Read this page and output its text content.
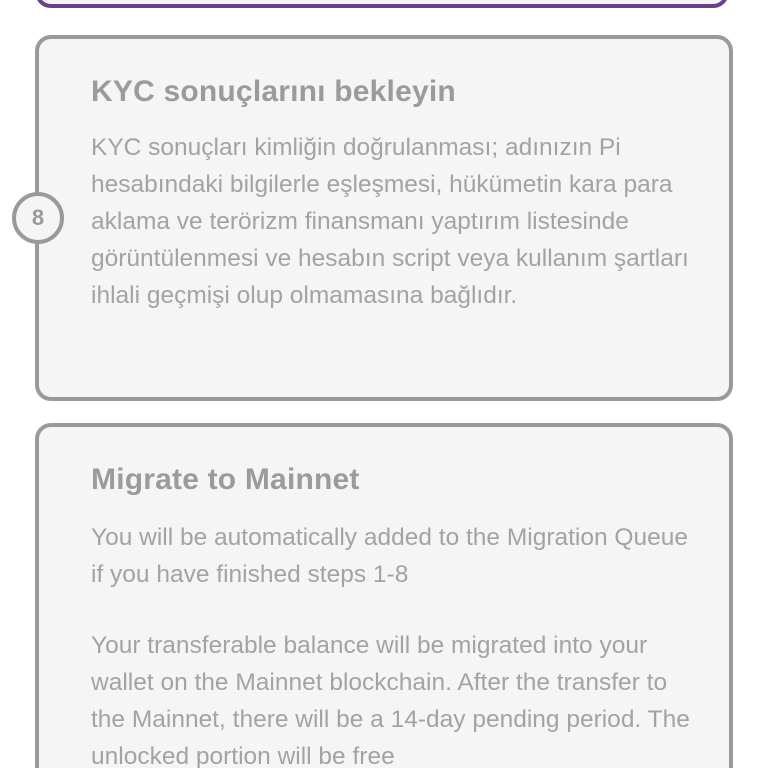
KYC sonuçlarını bekleyin

KYC sonuçları kimliğin doğrulanması; adınızın Pi hesabındaki bilgilerle eşleşmesi, hükümetin kara para aklama ve terörizm finansmanı yaptırım listesinde görüntülenmesi ve hesabın script veya kullanım şartları ihlali geçmişi olup olmamasına bağlıdır.

8
Migrate to Mainnet

You will be automatically added to the Migration Queue if you have finished steps 1-8

Your transferable balance will be migrated into your wallet on the Mainnet blockchain. After the transfer to the Mainnet, there will be a 14-day pending period. The unlocked portion will be free
